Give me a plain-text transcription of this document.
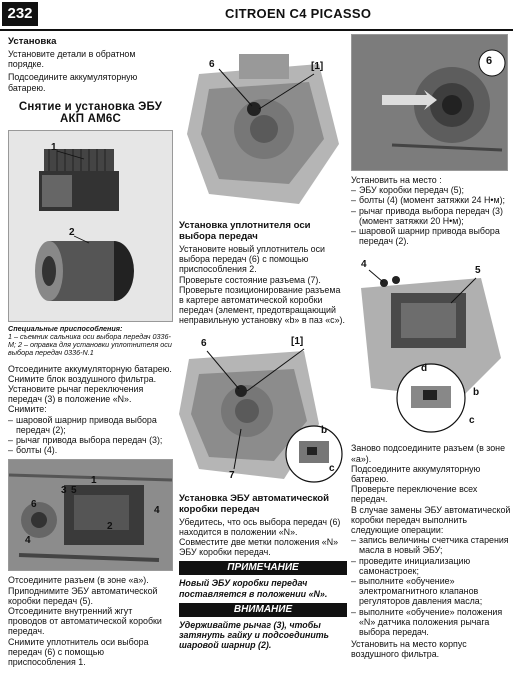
232	CITROEN C4 PICASSO
Установка

Установите детали в обратном порядке.

Подсоедините аккумуляторную батарею.

Снятие и установка ЭБУ АКП AM6C
1
2
Специальные приспособления:
1 – съемник сальника оси выбора передач 0336-M; 2 – оправка для установки уплотнителя оси выбора передач 0336-N.1

Отсоедините аккумуляторную батарею.

Снимите блок воздушного фильтра.

Установите рычаг переключения передач (3) в положение «N».

Снимите:

– шаровой шарнир привода выбора передач (2);
– рычаг привода выбора передач (3);
– болты (4).
1
2
3
4
4
5
6

Отсоедините разъем (в зоне «a»).

Приподнимите ЭБУ автоматической коробки передач (5).

Отсоедините внутренний жгут проводов от автоматической коробки передач.

Снимите уплотнитель оси выбора передач (6) с помощью приспособления 1.

6	[1]
Установка уплотнителя оси выбора передач

Установите новый уплотнитель оси выбора передач (6) с помощью приспособления 2.

Проверьте состояние разъема (7).

Проверьте позиционирование разъема в картере автоматической коробки передач (элемент, предотвращающий неправильную установку «b» в паз «c»).

6	[1]
7
b
c
Установка ЭБУ автоматической коробки передач

Убедитесь, что ось выбора передач (6) находится в положении «N».

Совместите две метки положения «N» ЭБУ коробки передач.

ПРИМЕЧАНИЕ

Новый ЭБУ коробки передач поставляется в положении «N».

ВНИМАНИЕ

Удерживайте рычаг (3), чтобы затянуть гайку и подсоединить шаровой шарнир (2).

6

Установить на место :

– ЭБУ коробки передач (5);
– болты (4) (момент затяжки 24 Н•м);
– рычаг привода выбора передач (3) (момент затяжки 20 Н•м);
– шаровой шарнир привода выбора передач (2).
4
5
d
b
c

Заново подсоедините разъем (в зоне «a»).

Подсоедините аккумуляторную батарею.

Проверьте переключение всех передач.

В случае замены ЭБУ автоматической коробки передач выполнить следующие операции:

– запись величины счетчика старения масла в новый ЭБУ;
– проведите инициализацию самонастроек;
– выполните «обучение» электромагнитного клапанов регуляторов давления масла;
– выполните «обучение» положения «N» датчика положения рычага выбора передач.

Установить на место корпус воздушного фильтра.
